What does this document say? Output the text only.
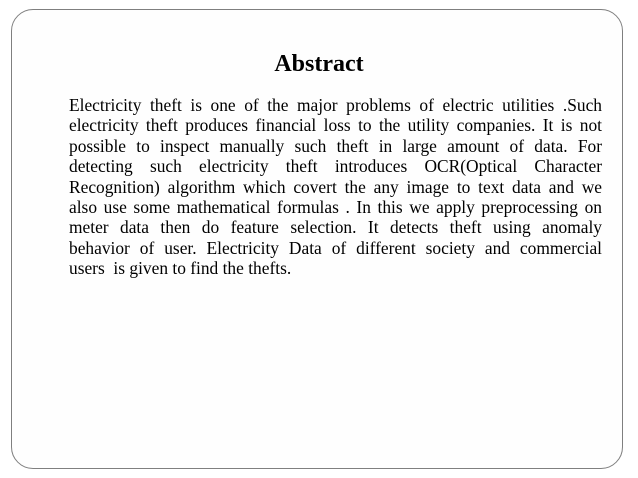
Abstract
Electricity theft is one of the major problems of electric utilities .Such
electricity theft produces financial loss to the utility companies. It is not
possible to inspect manually such theft in large amount of data. For
detecting such electricity theft introduces OCR(Optical Character
Recognition) algorithm which covert the any image to text data and we
also use some mathematical formulas . In this we apply preprocessing on
meter data then do feature selection. It detects theft using anomaly
behavior of user. Electricity Data of different society and commercial
users  is given to find the thefts.
